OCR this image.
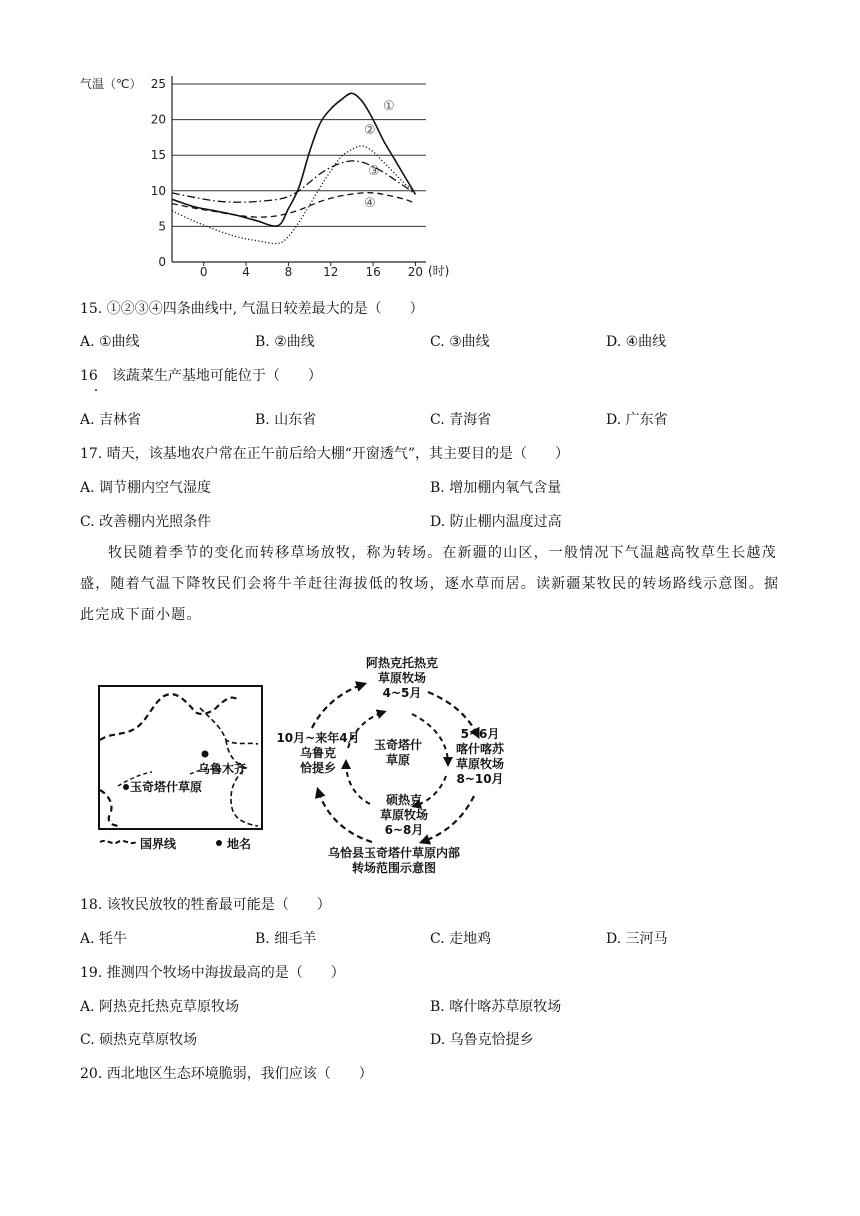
气温（℃） 25
20
15
10
5
0
0	4	8	12 16 20 (时)
①
②
③
④
15. ①②③④四条曲线中, 气温日较差最大的是（　　）
A. ①曲线	B. ②曲线	C. ③曲线	D. ④曲线
16　该蔬菜生产基地可能位于（　　）
A. 吉林省	B. 山东省	C. 青海省	D. 广东省
17. 晴天，该基地农户常在正午前后给大棚“开窗透气”，其主要目的是（　　）
A. 调节棚内空气湿度	B. 增加棚内氧气含量
C. 改善棚内光照条件	D. 防止棚内温度过高
牧民随着季节的变化而转移草场放牧，称为转场。在新疆的山区，一般情况下气温越高牧草生长越茂盛，随着气温下降牧民们会将牛羊赶往海拔低的牧场，逐水草而居。读新疆某牧民的转场路线示意图。据此完成下面小题。
乌鲁木齐
玉奇塔什草原
国界线	地名
玉奇塔什
草原
阿热克托热克
草原牧场
4~5月
5~6月
喀什喀苏
草原牧场
8~10月
10月~来年4月
乌鲁克
恰提乡
硕热克
草原牧场
6~8月
乌恰县玉奇塔什草原内部
转场范围示意图
18. 该牧民放牧的牲畜最可能是（　　）
A. 牦牛	B. 细毛羊	C. 走地鸡	D. 三河马
19. 推测四个牧场中海拔最高的是（　　）
A. 阿热克托热克草原牧场	B. 喀什喀苏草原牧场
C. 硕热克草原牧场	D. 乌鲁克恰提乡
20. 西北地区生态环境脆弱，我们应该（　　）
